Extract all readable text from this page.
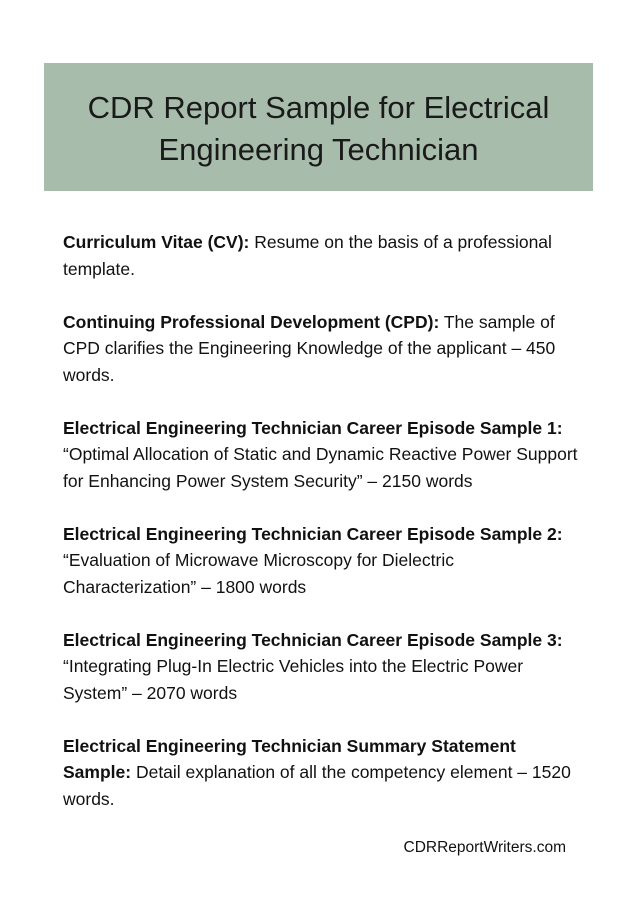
CDR Report Sample for Electrical
Engineering Technician

Curriculum Vitae (CV): Resume on the basis of a professional template.

Continuing Professional Development (CPD): The sample of CPD clarifies the Engineering Knowledge of the applicant – 450 words.

Electrical Engineering Technician Career Episode Sample 1: “Optimal Allocation of Static and Dynamic Reactive Power Support for Enhancing Power System Security” – 2150 words

Electrical Engineering Technician Career Episode Sample 2: “Evaluation of Microwave Microscopy for Dielectric Characterization” – 1800 words

Electrical Engineering Technician Career Episode Sample 3: “Integrating Plug-In Electric Vehicles into the Electric Power System” – 2070 words

Electrical Engineering Technician Summary Statement Sample: Detail explanation of all the competency element – 1520 words.

CDRReportWriters.com
